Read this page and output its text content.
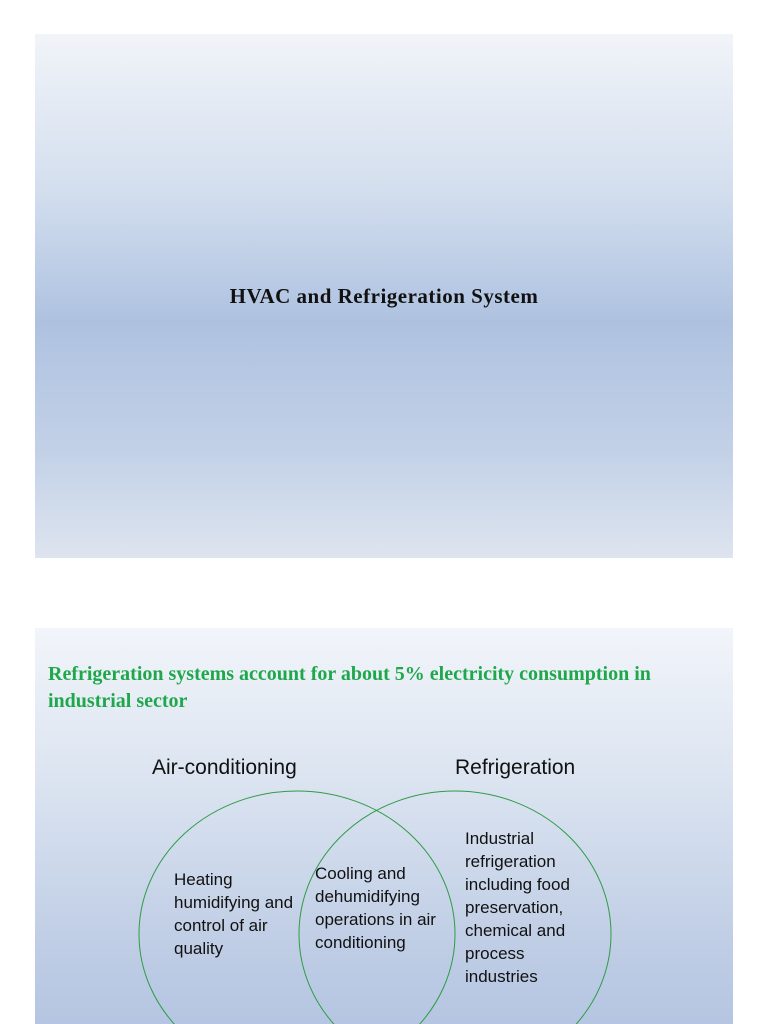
HVAC and Refrigeration System

Refrigeration systems account for about 5% electricity consumption in industrial sector

Air-conditioning	Refrigeration

Heating humidifying and control of air quality

Cooling and dehumidifying operations in air conditioning

Industrial refrigeration including food preservation, chemical and process industries
